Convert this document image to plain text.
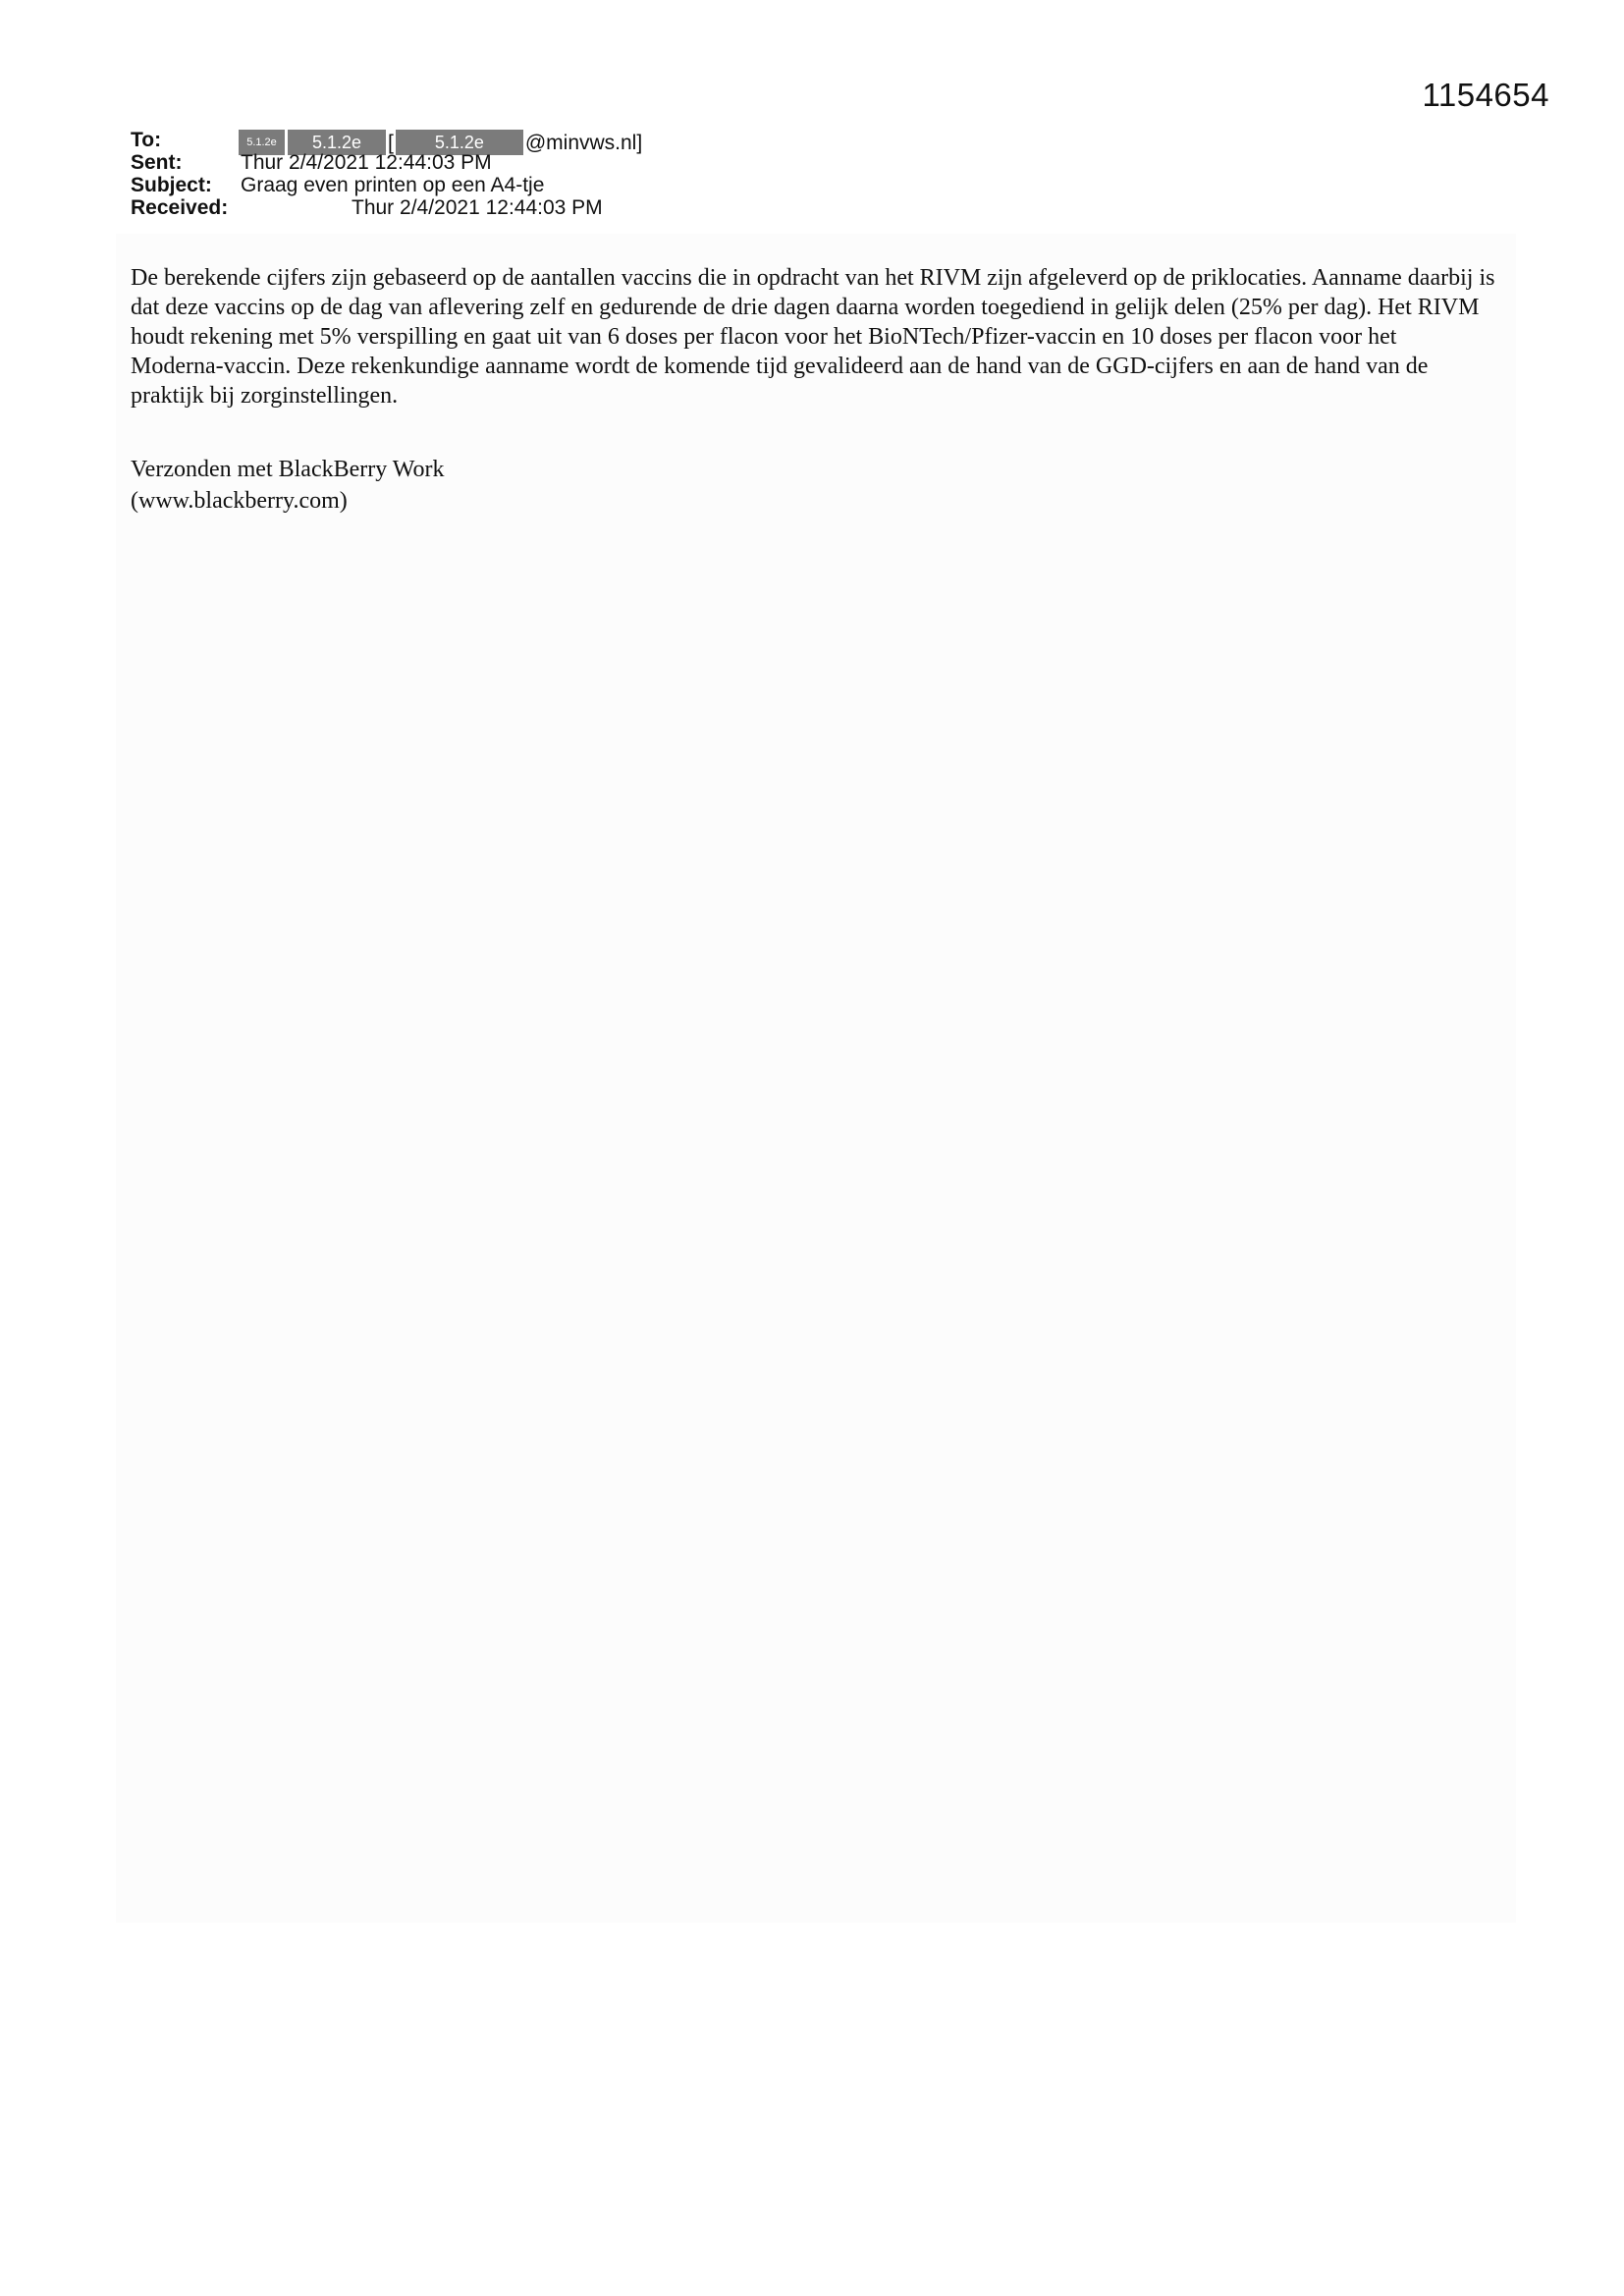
1154654
To:	5.1.2e	5.1.2e	[	5.1.2e	@minvws.nl]
Sent:	Thur 2/4/2021 12:44:03 PM
Subject: Graag even printen op een A4-tje
Received:	Thur 2/4/2021 12:44:03 PM

De berekende cijfers zijn gebaseerd op de aantallen vaccins die in opdracht van het RIVM zijn afgeleverd op de priklocaties. Aanname daarbij is dat deze vaccins op de dag van aflevering zelf en gedurende de drie dagen daarna worden toegediend in gelijk delen (25% per dag). Het RIVM houdt rekening met 5% verspilling en gaat uit van 6 doses per flacon voor het BioNTech/Pfizer-vaccin en 10 doses per flacon voor het Moderna-vaccin. Deze rekenkundige aanname wordt de komende tijd gevalideerd aan de hand van de GGD-cijfers en aan de hand van de praktijk bij zorginstellingen.

Verzonden met BlackBerry Work
(www.blackberry.com)
